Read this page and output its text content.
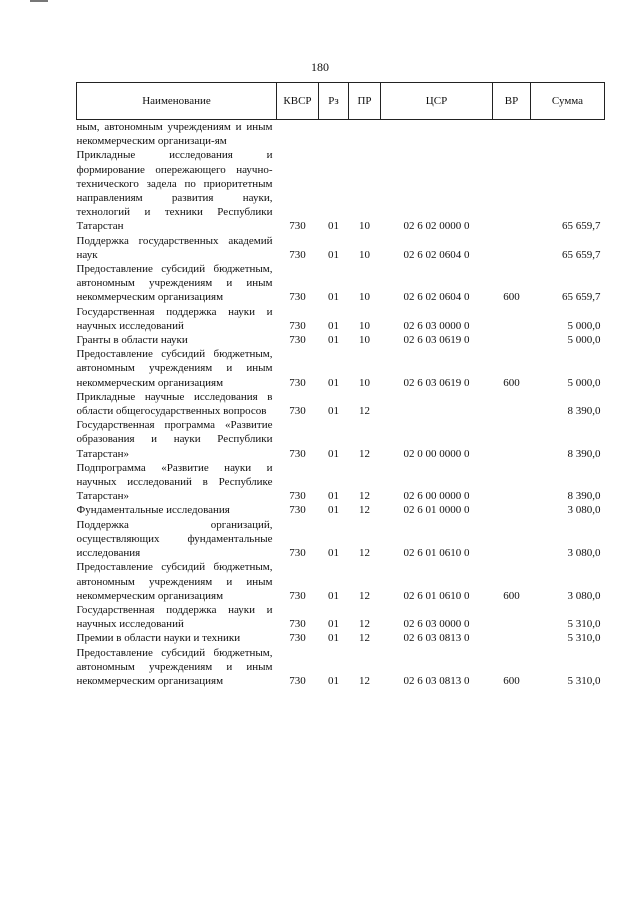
180
Наименование	КВСР	Рз	ПР	ЦСР	ВР	Сумма
ным, автономным учреждениям и иным некоммерческим организаци-ям						
Прикладные исследования и формирование опережающего научно-технического задела по приоритетным направлениям развития науки, технологий и техники Республики Татарстан	730	01	10	02 6 02 0000 0		65 659,7
Поддержка государственных академий наук	730	01	10	02 6 02 0604 0		65 659,7
Предоставление субсидий бюджетным, автономным учреждениям и иным некоммерческим организациям	730	01	10	02 6 02 0604 0	600	65 659,7
Государственная поддержка науки и научных исследований	730	01	10	02 6 03 0000 0		5 000,0
Гранты в области науки	730	01	10	02 6 03 0619 0		5 000,0
Предоставление субсидий бюджетным, автономным учреждениям и иным некоммерческим организациям	730	01	10	02 6 03 0619 0	600	5 000,0
Прикладные научные исследования в области общегосударственных вопросов	730	01	12			8 390,0
Государственная программа «Развитие образования и науки Республики Татарстан»	730	01	12	02 0 00 0000 0		8 390,0
Подпрограмма «Развитие науки и научных исследований в Республике Татарстан»	730	01	12	02 6 00 0000 0		8 390,0
Фундаментальные исследования	730	01	12	02 6 01 0000 0		3 080,0
Поддержка организаций, осуществляющих фундаментальные исследования	730	01	12	02 6 01 0610 0		3 080,0
Предоставление субсидий бюджетным, автономным учреждениям и иным некоммерческим организациям	730	01	12	02 6 01 0610 0	600	3 080,0
Государственная поддержка науки и научных исследований	730	01	12	02 6 03 0000 0		5 310,0
Премии в области науки и техники	730	01	12	02 6 03 0813 0		5 310,0
Предоставление субсидий бюджетным, автономным учреждениям и иным некоммерческим организациям	730	01	12	02 6 03 0813 0	600	5 310,0
